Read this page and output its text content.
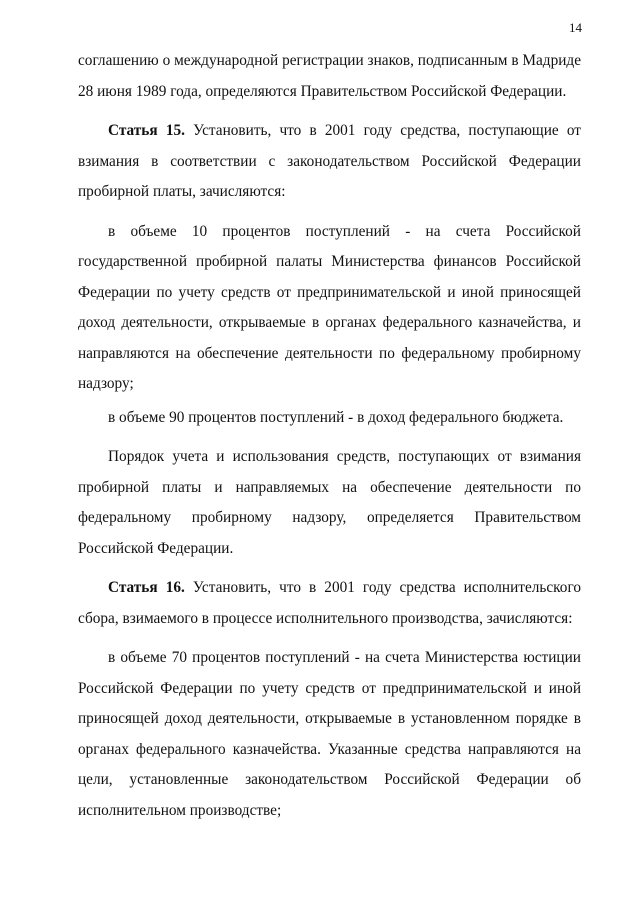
14

соглашению о международной регистрации знаков, подписанным в Мадриде 28 июня 1989 года, определяются Правительством Российской Федерации.

Статья 15. Установить, что в 2001 году средства, поступающие от взимания в соответствии с законодательством Российской Федерации пробирной платы, зачисляются:

в объеме 10 процентов поступлений - на счета Российской государственной пробирной палаты Министерства финансов Российской Федерации по учету средств от предпринимательской и иной приносящей доход деятельности, открываемые в органах федерального казначейства, и направляются на обеспечение деятельности по федеральному пробирному надзору;

в объеме 90 процентов поступлений - в доход федерального бюджета.

Порядок учета и использования средств, поступающих от взимания пробирной платы и направляемых на обеспечение деятельности по федеральному пробирному надзору, определяется Правительством Российской Федерации.

Статья 16. Установить, что в 2001 году средства исполнительского сбора, взимаемого в процессе исполнительного производства, зачисляются:

в объеме 70 процентов поступлений - на счета Министерства юстиции Российской Федерации по учету средств от предпринимательской и иной приносящей доход деятельности, открываемые в установленном порядке в органах федерального казначейства. Указанные средства направляются на цели, установленные законодательством Российской Федерации об исполнительном производстве;
